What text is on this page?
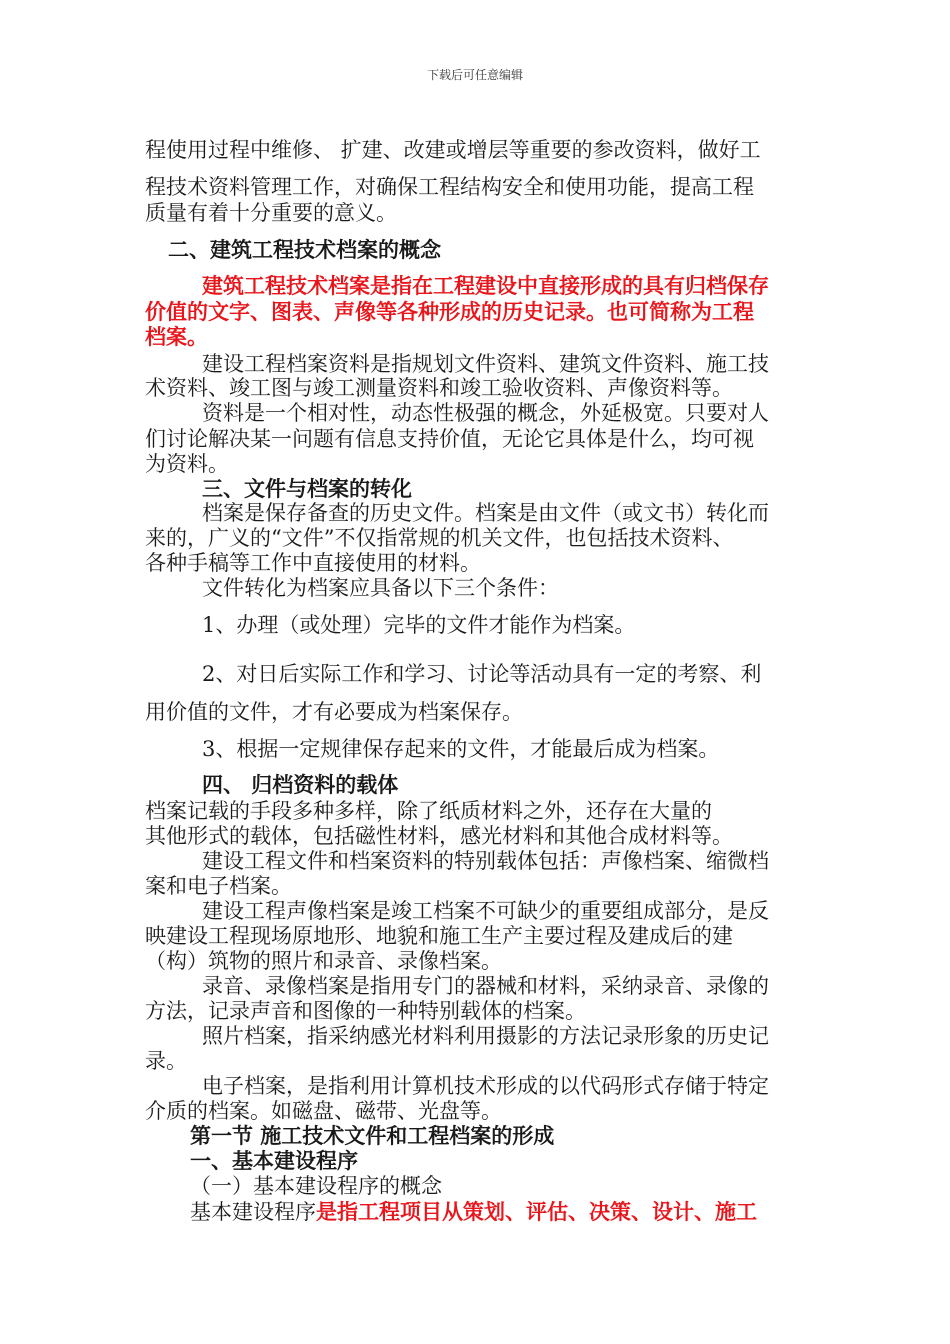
下载后可任意编辑
程使用过程中维修、 扩建、改建或增层等重要的参改资料，做好工
程技术资料管理工作，对确保工程结构安全和使用功能，提高工程
质量有着十分重要的意义。
二、建筑工程技术档案的概念
建筑工程技术档案是指在工程建设中直接形成的具有归档保存
价值的文字、图表、声像等各种形成的历史记录。也可简称为工程
档案。
建设工程档案资料是指规划文件资料、建筑文件资料、施工技
术资料、竣工图与竣工测量资料和竣工验收资料、声像资料等。
资料是一个相对性，动态性极强的概念，外延极宽。只要对人
们讨论解决某一问题有信息支持价值，无论它具体是什么，均可视
为资料。
三、文件与档案的转化
档案是保存备查的历史文件。档案是由文件（或文书）转化而
来的，广义的“文件”不仅指常规的机关文件，也包括技术资料、
各种手稿等工作中直接使用的材料。
文件转化为档案应具备以下三个条件：
1、办理（或处理）完毕的文件才能作为档案。
2、对日后实际工作和学习、讨论等活动具有一定的考察、利
用价值的文件，才有必要成为档案保存。
3、根据一定规律保存起来的文件，才能最后成为档案。
四、 归档资料的载体
档案记载的手段多种多样，除了纸质材料之外，还存在大量的
其他形式的载体，包括磁性材料，感光材料和其他合成材料等。
建设工程文件和档案资料的特别载体包括：声像档案、缩微档
案和电子档案。
建设工程声像档案是竣工档案不可缺少的重要组成部分，是反
映建设工程现场原地形、地貌和施工生产主要过程及建成后的建
（构）筑物的照片和录音、录像档案。
录音、录像档案是指用专门的器械和材料，采纳录音、录像的
方法，记录声音和图像的一种特别载体的档案。
照片档案，指采纳感光材料利用摄影的方法记录形象的历史记
录。
电子档案，是指利用计算机技术形成的以代码形式存储于特定
介质的档案。如磁盘、磁带、光盘等。
第一节 施工技术文件和工程档案的形成
一、基本建设程序
（一）基本建设程序的概念
基本建设程序是指工程项目从策划、评估、决策、设计、施工
